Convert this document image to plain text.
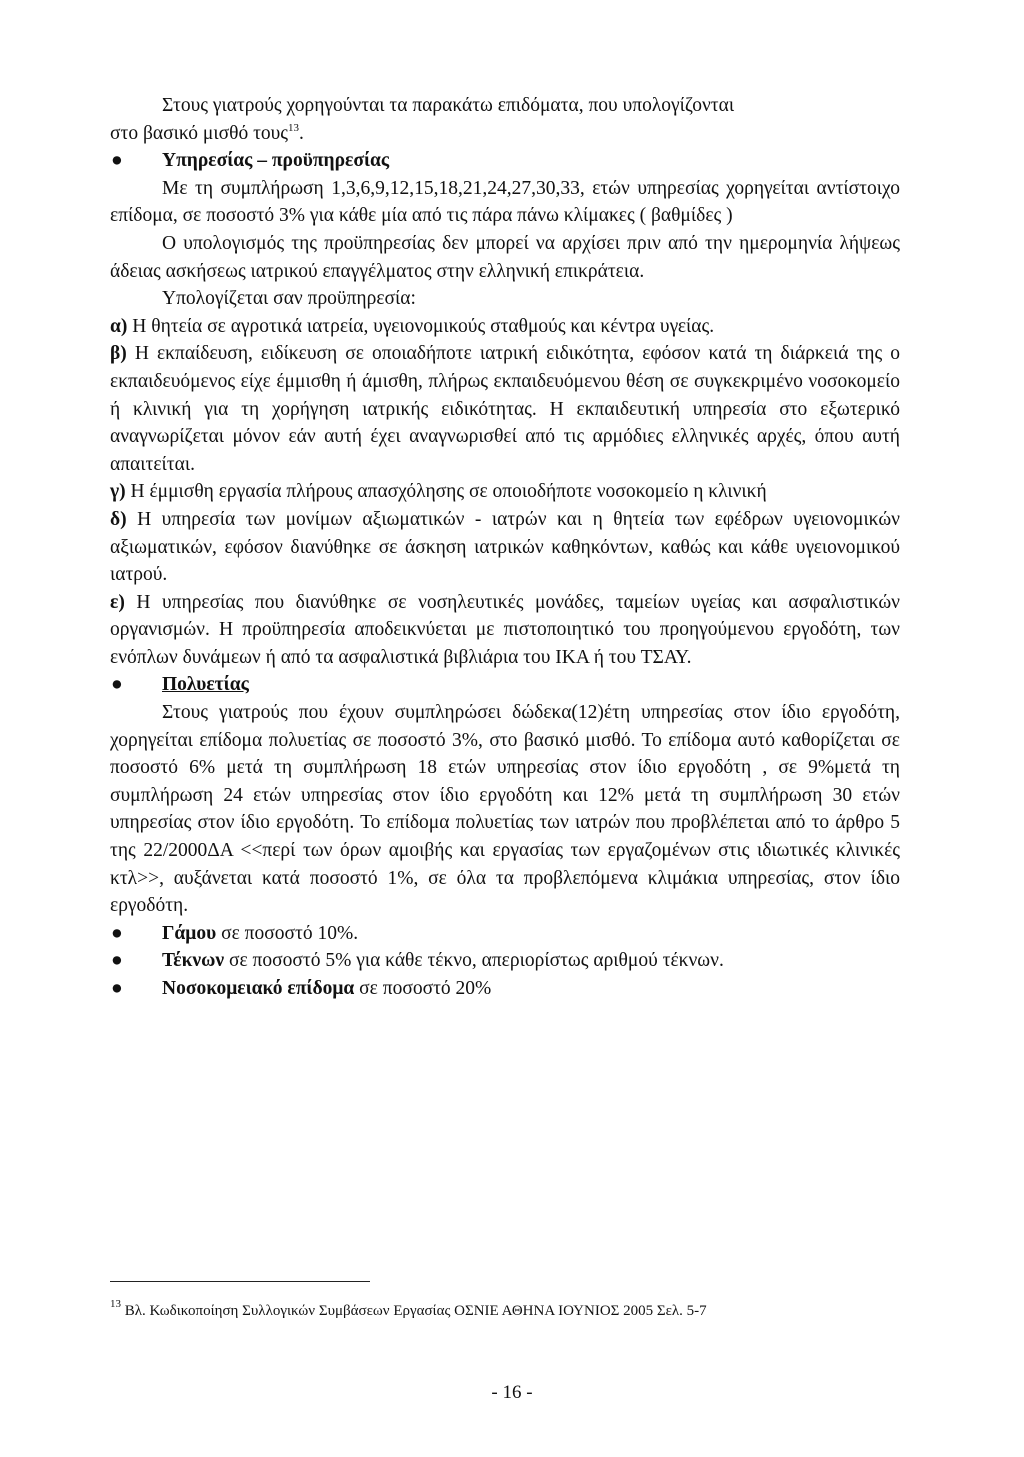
Στους γιατρούς χορηγούνται τα παρακάτω επιδόματα, που υπολογίζονται

στο βασικό μισθό τους$^{13}$.

● Υπηρεσίας – προϋπηρεσίας

Με τη συμπλήρωση 1,3,6,9,12,15,18,21,24,27,30,33, ετών υπηρεσίας χορηγείται αντίστοιχο επίδομα, σε ποσοστό 3% για κάθε μία από τις πάρα πάνω κλίμακες ( βαθμίδες )

Ο υπολογισμός της προϋπηρεσίας δεν μπορεί να αρχίσει πριν από την ημερομηνία λήψεως άδειας ασκήσεως ιατρικού επαγγέλματος στην ελληνική επικράτεια.

Υπολογίζεται σαν προϋπηρεσία:

α) Η θητεία σε αγροτικά ιατρεία, υγειονομικούς σταθμούς και κέντρα υγείας.

β) Η εκπαίδευση, ειδίκευση σε οποιαδήποτε ιατρική ειδικότητα, εφόσον κατά τη διάρκειά της ο εκπαιδευόμενος είχε έμμισθη ή άμισθη, πλήρως εκπαιδευόμενου θέση σε συγκεκριμένο νοσοκομείο ή κλινική για τη χορήγηση ιατρικής ειδικότητας. Η εκπαιδευτική υπηρεσία στο εξωτερικό αναγνωρίζεται μόνον εάν αυτή έχει αναγνωρισθεί από τις αρμόδιες ελληνικές αρχές, όπου αυτή απαιτείται.

γ) Η έμμισθη εργασία πλήρους απασχόλησης σε οποιοδήποτε νοσοκομείο η κλινική

δ) Η υπηρεσία των μονίμων αξιωματικών - ιατρών και η θητεία των εφέδρων υγειονομικών αξιωματικών, εφόσον διανύθηκε σε άσκηση ιατρικών καθηκόντων, καθώς και κάθε υγειονομικού ιατρού.

ε) Η υπηρεσίας που διανύθηκε σε νοσηλευτικές μονάδες, ταμείων υγείας και ασφαλιστικών οργανισμών. Η προϋπηρεσία αποδεικνύεται με πιστοποιητικό του προηγούμενου εργοδότη, των ενόπλων δυνάμεων ή από τα ασφαλιστικά βιβλιάρια του ΙΚΑ ή του ΤΣΑΥ.

● Πολυετίας

Στους γιατρούς που έχουν συμπληρώσει δώδεκα(12)έτη υπηρεσίας στον ίδιο εργοδότη, χορηγείται επίδομα πολυετίας σε ποσοστό 3%, στο βασικό μισθό. Το επίδομα αυτό καθορίζεται σε ποσοστό 6% μετά τη συμπλήρωση 18 ετών υπηρεσίας στον ίδιο εργοδότη , σε 9%μετά τη συμπλήρωση 24 ετών υπηρεσίας στον ίδιο εργοδότη και 12% μετά τη συμπλήρωση 30 ετών υπηρεσίας στον ίδιο εργοδότη. Το επίδομα πολυετίας των ιατρών που προβλέπεται από το άρθρο 5 της 22/2000ΔΑ <<περί των όρων αμοιβής και εργασίας των εργαζομένων στις ιδιωτικές κλινικές κτλ>>, αυξάνεται κατά ποσοστό 1%, σε όλα τα προβλεπόμενα κλιμάκια υπηρεσίας, στον ίδιο εργοδότη.

● Γάμου σε ποσοστό 10%.

● Τέκνων σε ποσοστό 5% για κάθε τέκνο, απεριορίστως αριθμού τέκνων.

● Νοσοκομειακό επίδομα σε ποσοστό 20%

$^{13}$ Βλ. Κωδικοποίηση Συλλογικών Συμβάσεων Εργασίας ΟΣΝΙΕ ΑΘΗΝΑ ΙΟΥΝΙΟΣ 2005 Σελ. 5-7
- 16 -
